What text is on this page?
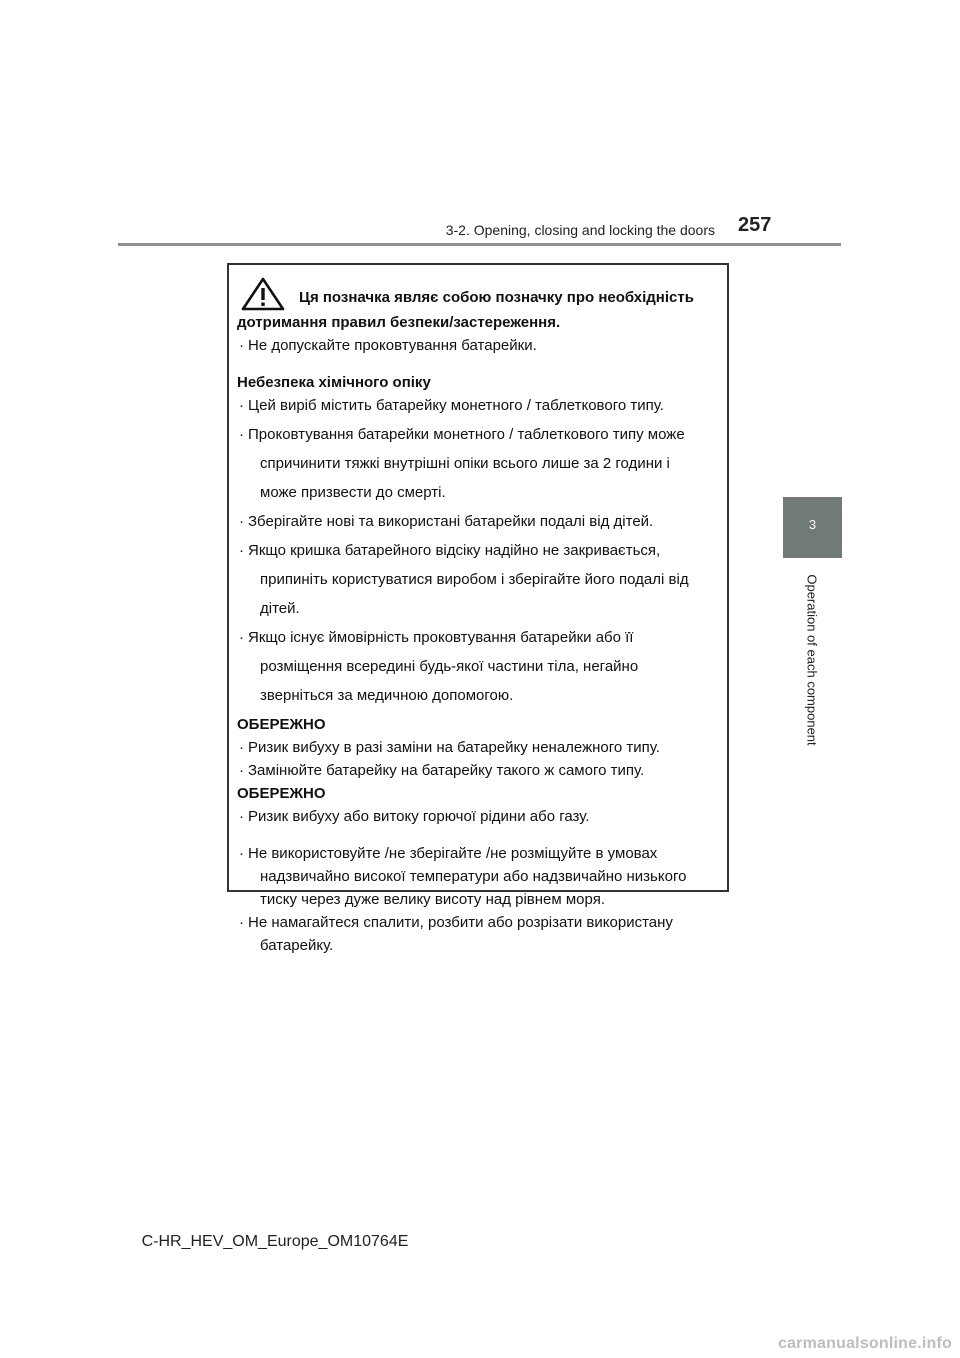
3-2. Opening, closing and locking the doors 257
3
Operation of each component
Ця позначка являє собою позначку про необхідність
дотримання правил безпеки/застереження.
· Не допускайте проковтування батарейки.
Небезпека хімічного опіку
· Цей виріб містить батарейку монетного / таблеткового типу.
· Проковтування батарейки монетного / таблеткового типу може
спричинити тяжкі внутрішні опіки всього лише за 2 години і
може призвести до смерті.
· Зберігайте нові та використані батарейки подалі від дітей.
· Якщо кришка батарейного відсіку надійно не закривається,
припиніть користуватися виробом і зберігайте його подалі від
дітей.
· Якщо існує ймовірність проковтування батарейки або її
розміщення всередині будь-якої частини тіла, негайно
зверніться за медичною допомогою.
ОБЕРЕЖНО
· Ризик вибуху в разі заміни на батарейку неналежного типу.
· Замінюйте батарейку на батарейку такого ж самого типу.
ОБЕРЕЖНО
· Ризик вибуху або витоку горючої рідини або газу.
· Не використовуйте /не зберігайте /не розміщуйте в умовах
надзвичайно високої температури або надзвичайно низького
тиску через дуже велику висоту над рівнем моря.
· Не намагайтеся спалити, розбити або розрізати використану
батарейку.
C-HR_HEV_OM_Europe_OM10764E
carmanualsonline.info
